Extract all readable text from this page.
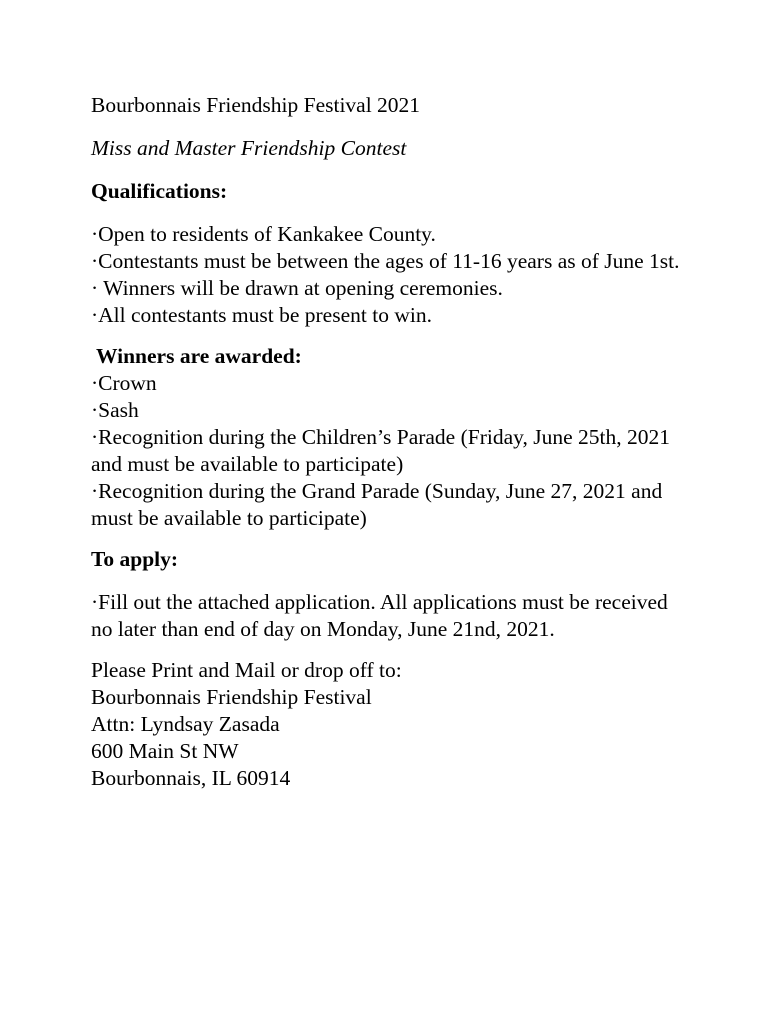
Bourbonnais Friendship Festival 2021
Miss and Master Friendship Contest
Qualifications:
·Open to residents of Kankakee County.
·Contestants must be between the ages of 11-16 years as of June 1st.
· Winners will be drawn at opening ceremonies.
·All contestants must be present to win.
Winners are awarded:
·Crown
·Sash
·Recognition during the Children’s Parade (Friday, June 25th, 2021 and must be available to participate)
·Recognition during the Grand Parade (Sunday, June 27, 2021 and must be available to participate)
To apply:
·Fill out the attached application. All applications must be received no later than end of day on Monday, June 21nd, 2021.
Please Print and Mail or drop off to:
Bourbonnais Friendship Festival
Attn: Lyndsay Zasada
600 Main St NW
Bourbonnais, IL 60914
